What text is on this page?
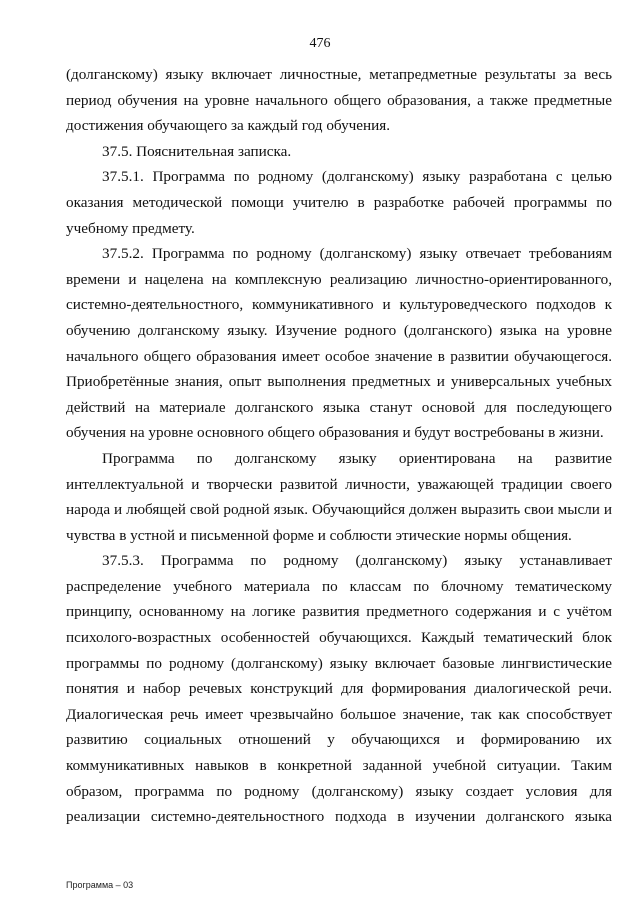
476

(долганскому) языку включает личностные, метапредметные результаты за весь период обучения на уровне начального общего образования, а также предметные достижения обучающего за каждый год обучения.

37.5. Пояснительная записка.

37.5.1. Программа по родному (долганскому) языку разработана с целью оказания методической помощи учителю в разработке рабочей программы по учебному предмету.

37.5.2. Программа по родному (долганскому) языку отвечает требованиям времени и нацелена на комплексную реализацию личностно-ориентированного, системно-деятельностного, коммуникативного и культуроведческого подходов к обучению долганскому языку. Изучение родного (долганского) языка на уровне начального общего образования имеет особое значение в развитии обучающегося. Приобретённые знания, опыт выполнения предметных и универсальных учебных действий на материале долганского языка станут основой для последующего обучения на уровне основного общего образования и будут востребованы в жизни.

Программа по долганскому языку ориентирована на развитие интеллектуальной и творчески развитой личности, уважающей традиции своего народа и любящей свой родной язык. Обучающийся должен выразить свои мысли и чувства в устной и письменной форме и соблюсти этические нормы общения.

37.5.3. Программа по родному (долганскому) языку устанавливает распределение учебного материала по классам по блочному тематическому принципу, основанному на логике развития предметного содержания и с учётом психолого-возрастных особенностей обучающихся. Каждый тематический блок программы по родному (долганскому) языку включает базовые лингвистические понятия и набор речевых конструкций для формирования диалогической речи. Диалогическая речь имеет чрезвычайно большое значение, так как способствует развитию социальных отношений у обучающихся и формированию их коммуникативных навыков в конкретной заданной учебной ситуации. Таким образом, программа по родному (долганскому) языку создает условия для реализации системно-деятельностного подхода в изучении долганского языка

Программа – 03
